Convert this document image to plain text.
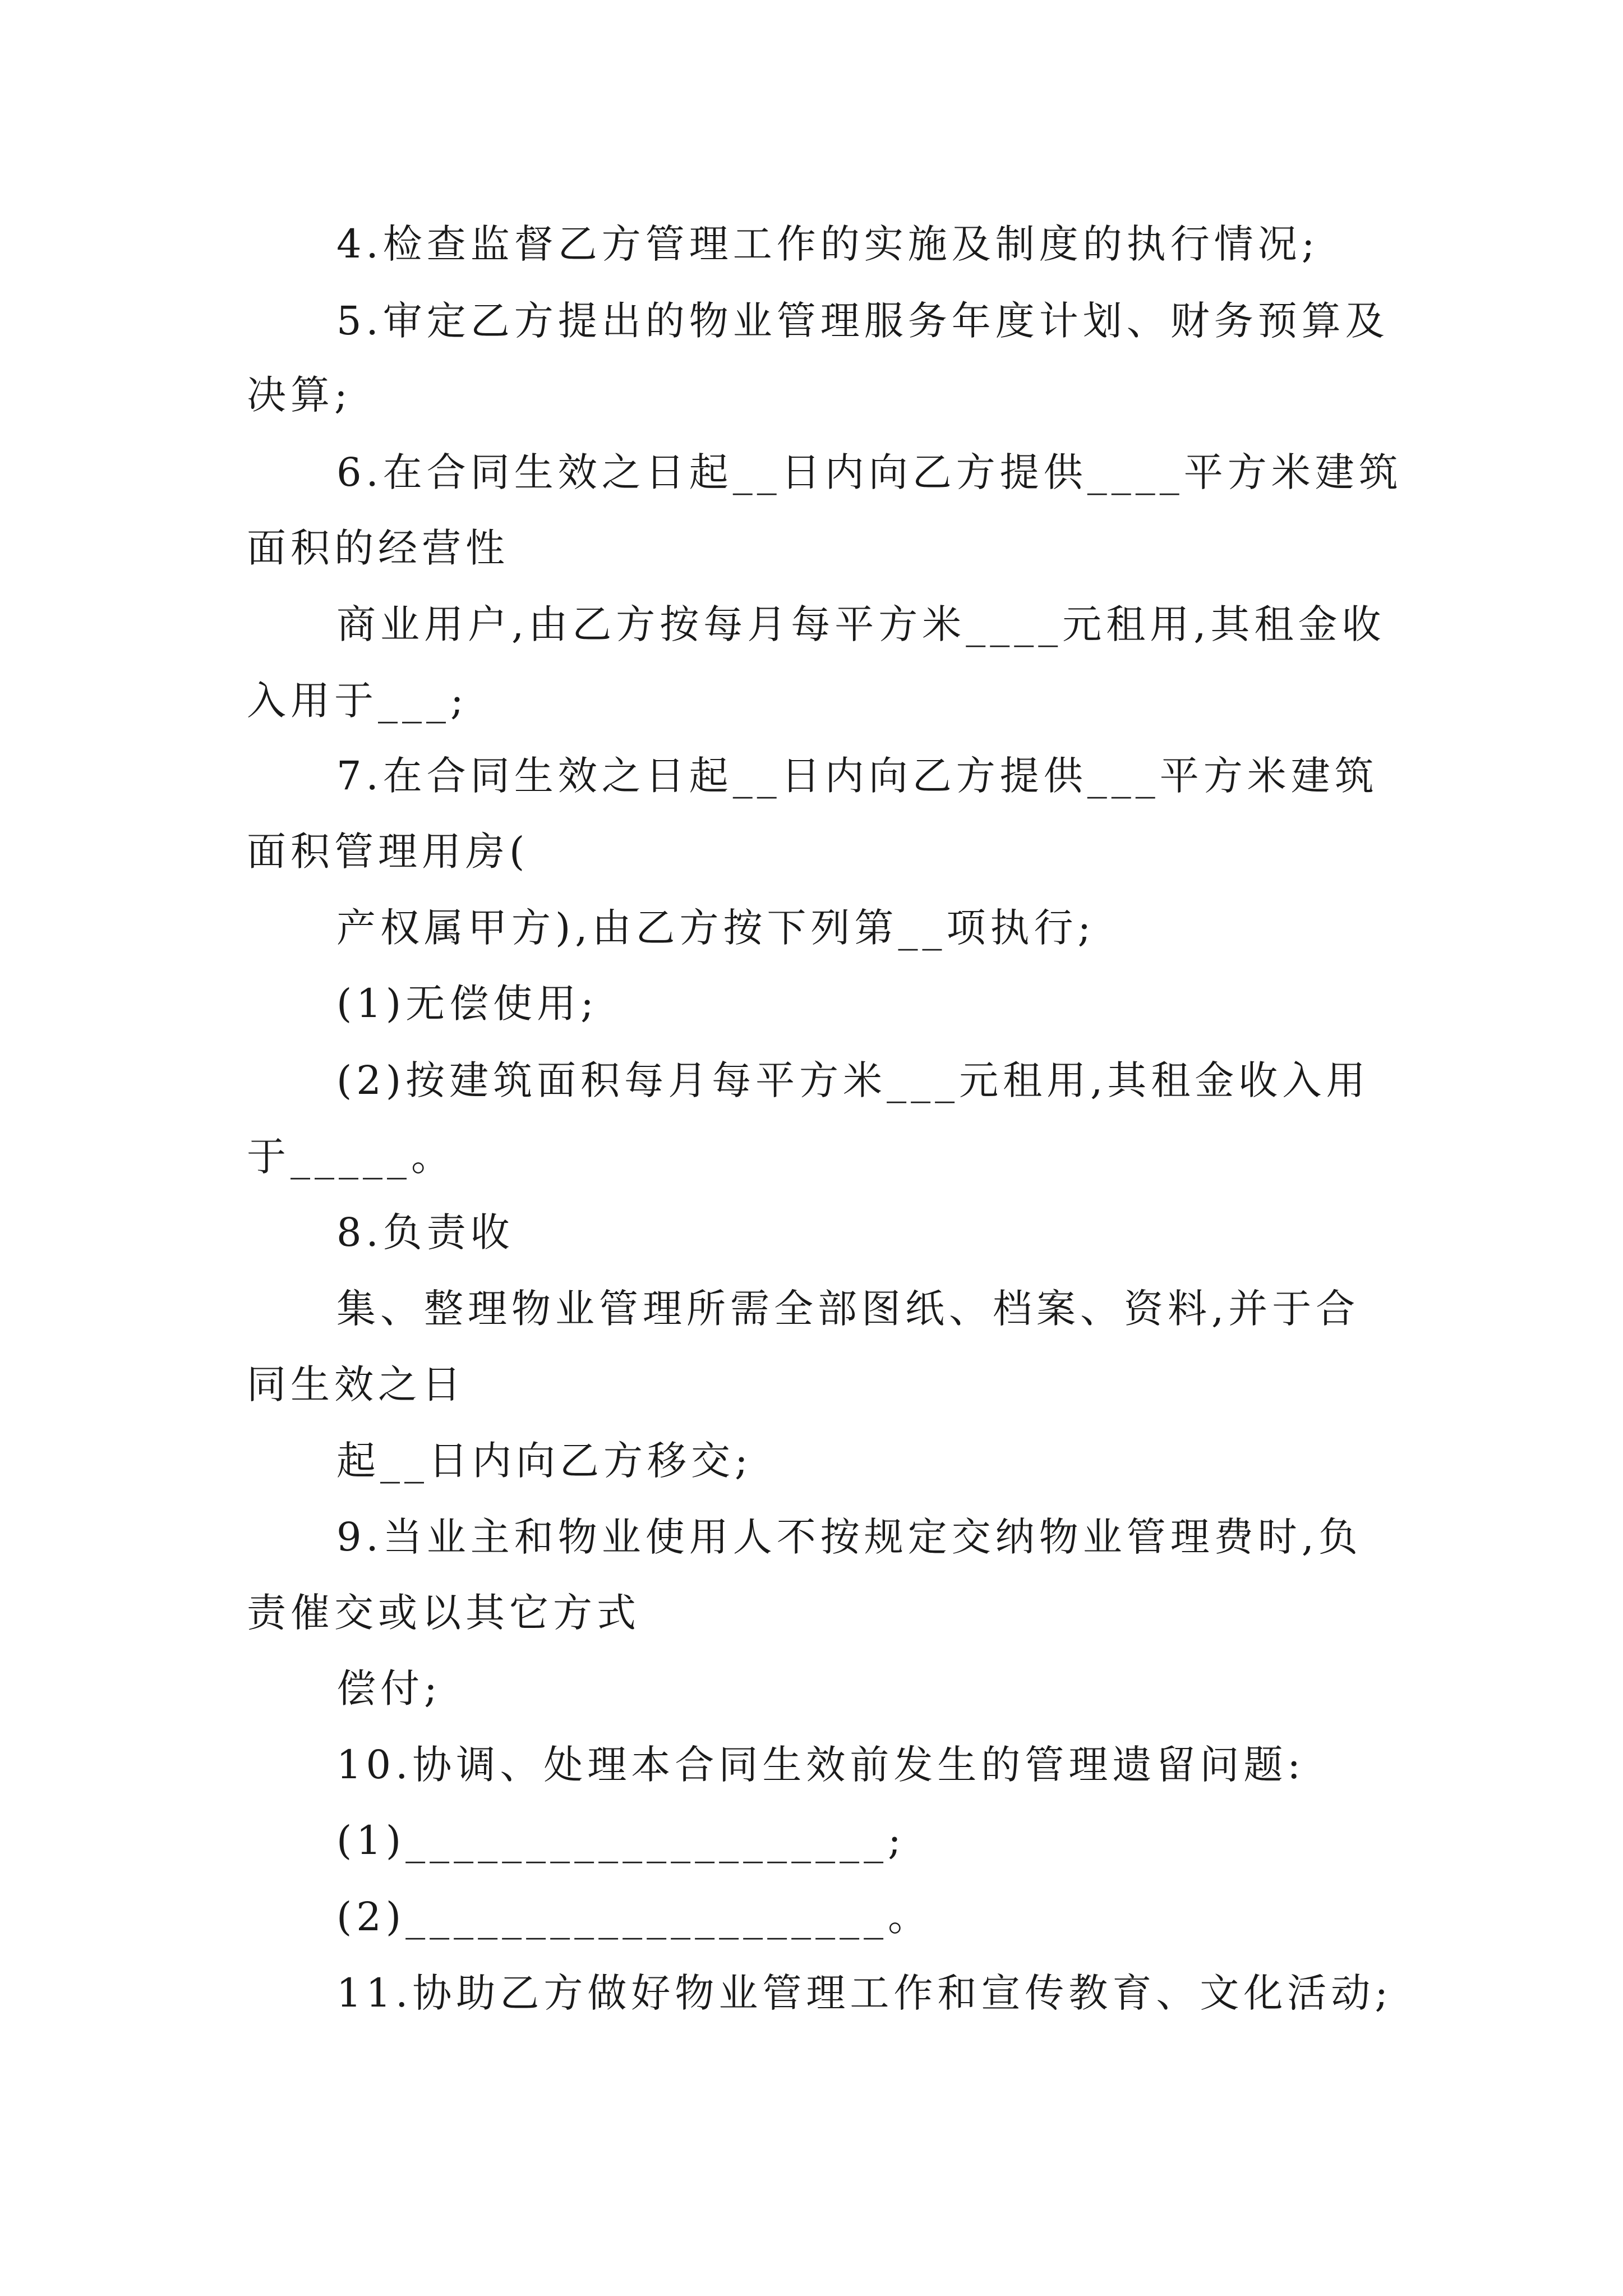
4.检查监督乙方管理工作的实施及制度的执行情况;

5.审定乙方提出的物业管理服务年度计划、财务预算及

决算;

6.在合同生效之日起__日内向乙方提供____平方米建筑

面积的经营性

商业用户,由乙方按每月每平方米____元租用,其租金收

入用于___;

7.在合同生效之日起__日内向乙方提供___平方米建筑

面积管理用房(

产权属甲方),由乙方按下列第__项执行;

(1)无偿使用;

(2)按建筑面积每月每平方米___元租用,其租金收入用

于_____。

8.负责收

集、整理物业管理所需全部图纸、档案、资料,并于合

同生效之日

起__日内向乙方移交;

9.当业主和物业使用人不按规定交纳物业管理费时,负

责催交或以其它方式

偿付;

10.协调、处理本合同生效前发生的管理遗留问题:

(1)____________________;

(2)____________________。

11.协助乙方做好物业管理工作和宣传教育、文化活动;
